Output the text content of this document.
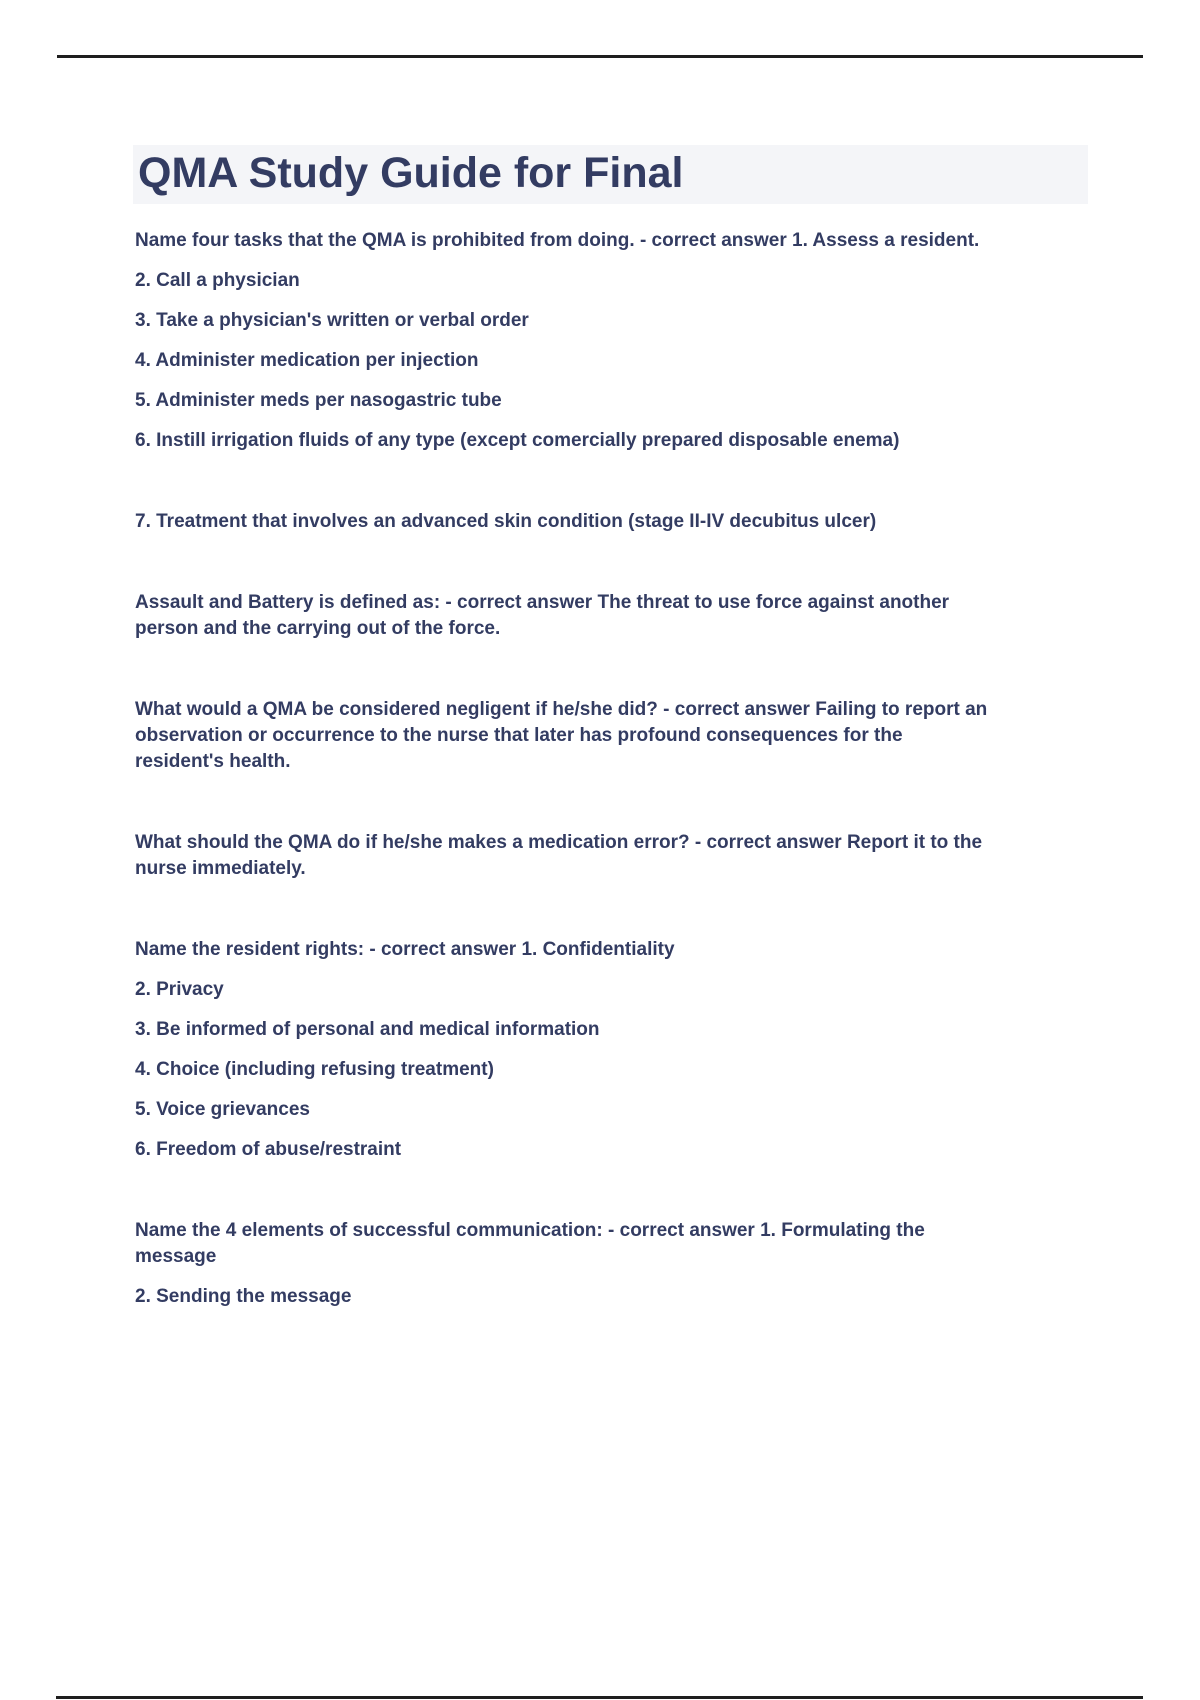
QMA Study Guide for Final

Name four tasks that the QMA is prohibited from doing. - correct answer 1. Assess a resident.

2. Call a physician

3. Take a physician's written or verbal order

4. Administer medication per injection

5. Administer meds per nasogastric tube

6. Instill irrigation fluids of any type (except comercially prepared disposable enema)

7. Treatment that involves an advanced skin condition (stage II-IV decubitus ulcer)

Assault and Battery is defined as: - correct answer The threat to use force against another person and the carrying out of the force.

What would a QMA be considered negligent if he/she did? - correct answer Failing to report an observation or occurrence to the nurse that later has profound consequences for the resident's health.

What should the QMA do if he/she makes a medication error? - correct answer Report it to the nurse immediately.

Name the resident rights: - correct answer 1. Confidentiality

2. Privacy

3. Be informed of personal and medical information

4. Choice (including refusing treatment)

5. Voice grievances

6. Freedom of abuse/restraint

Name the 4 elements of successful communication: - correct answer 1. Formulating the message

2. Sending the message
